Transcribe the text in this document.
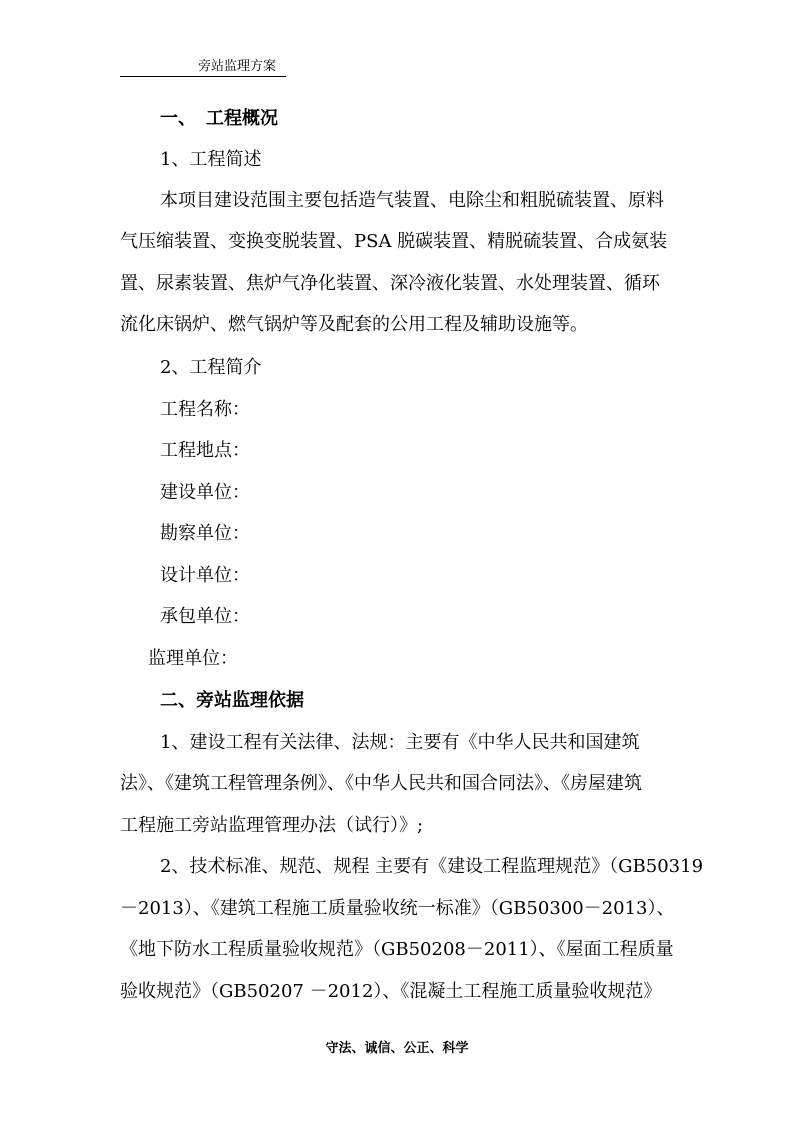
旁站监理方案
一、 工程概况
1、工程简述
本项目建设范围主要包括造气装置、电除尘和粗脱硫装置、原料
气压缩装置、变换变脱装置、PSA 脱碳装置、精脱硫装置、合成氨装
置、尿素装置、焦炉气净化装置、深冷液化装置、水处理装置、循环
流化床锅炉、燃气锅炉等及配套的公用工程及辅助设施等。
2、工程简介
工程名称：
工程地点：
建设单位：
勘察单位：
设计单位：
承包单位：
监理单位：
二、旁站监理依据
1、建设工程有关法律、法规：主要有《中华人民共和国建筑
法》、《建筑工程管理条例》、《中华人民共和国合同法》、《房屋建筑
工程施工旁站监理管理办法（试行）》;
2、技术标准、规范、规程 主要有《建设工程监理规范》（GB50319
－2013）、《建筑工程施工质量验收统一标准》（GB50300－2013）、
《地下防水工程质量验收规范》（GB50208－2011）、《屋面工程质量
验收规范》（GB50207 －2012）、《混凝土工程施工质量验收规范》
守法、诚信、公正、科学
